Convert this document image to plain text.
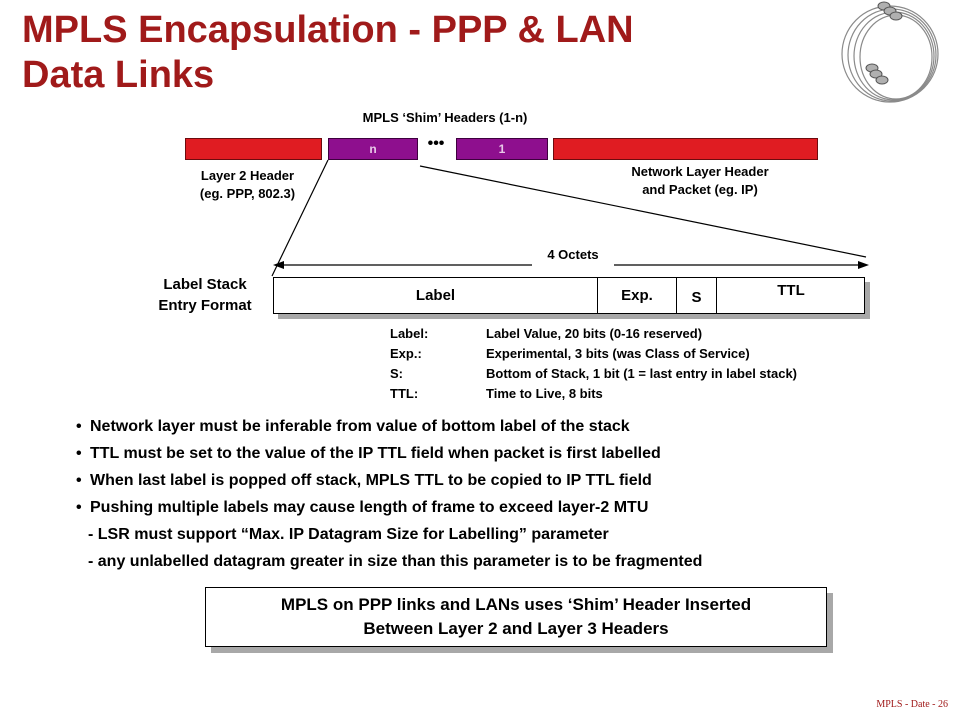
MPLS Encapsulation - PPP & LAN
Data Links
MPLS ‘Shim’ Headers (1-n)
n	•••	1
Layer 2 Header
(eg. PPP, 802.3)
Network Layer Header
and Packet (eg. IP)
4 Octets
Label Stack
Entry Format
Label	Exp.	S	TTL
Label:	Label Value, 20 bits (0-16 reserved)
Exp.:	Experimental, 3 bits (was Class of Service)
S:	Bottom of Stack, 1 bit (1 = last entry in label stack)
TTL:	Time to Live, 8 bits
• Network layer must be inferable from value of bottom label of the stack
• TTL must be set to the value of the IP TTL field when packet is first labelled
• When last label is popped off stack, MPLS TTL to be copied to IP TTL field
• Pushing multiple labels may cause length of frame to exceed layer-2 MTU
- LSR must support “Max. IP Datagram Size for Labelling” parameter
- any unlabelled datagram greater in size than this parameter is to be fragmented
MPLS on PPP links and LANs uses ‘Shim’ Header Inserted
Between Layer 2 and Layer 3 Headers
MPLS - Date - 26
